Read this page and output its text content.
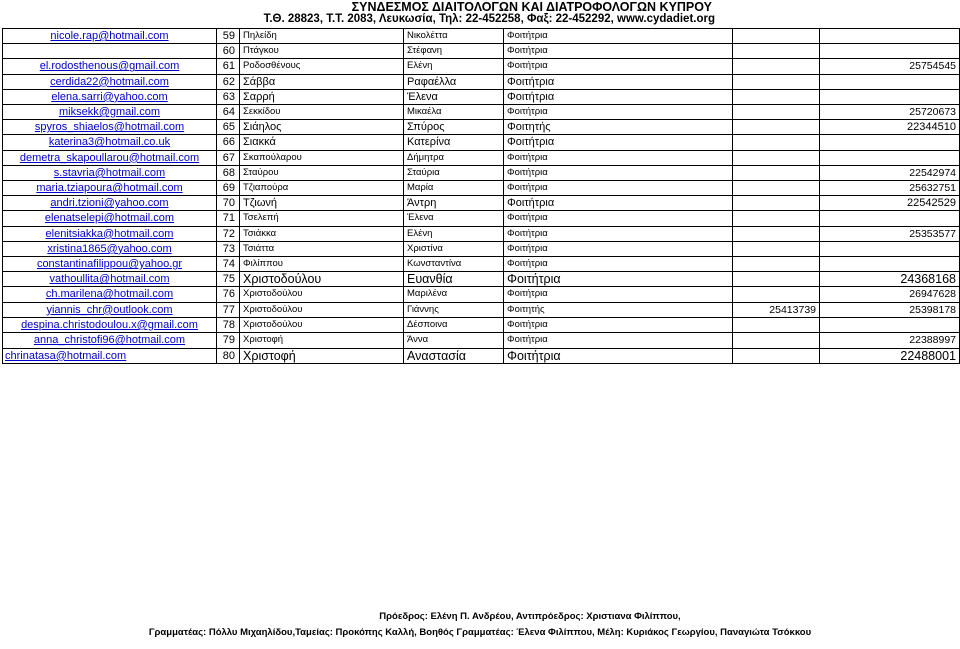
ΣΥΝΔΕΣΜΟΣ ΔΙΑΙΤΟΛΟΓΩΝ ΚΑΙ ΔΙΑΤΡΟΦΟΛΟΓΩΝ ΚΥΠΡΟΥ
Τ.Θ. 28823, Τ.Τ. 2083, Λευκωσία, Τηλ: 22-452258, Φαξ: 22-452292, www.cydadiet.org
nicole.rap@hotmail.com	59	Πηλείδη	Νικολέττα	Φοιτήτρια		
	60	Πτάγκου	Στέφανη	Φοιτήτρια		
el.rodosthenous@gmail.com	61	Ροδοσθένους	Ελένη	Φοιτήτρια		25754545
cerdida22@hotmail.com	62	Σάββα	Ραφαέλλα	Φοιτήτρια		
elena.sarri@yahoo.com	63	Σαρρή	Έλενα	Φοιτήτρια		
miksekk@gmail.com	64	Σεκκίδου	Μικαέλα	Φοιτήτρια		25720673
spyros_shiaelos@hotmail.com	65	Σιάηλος	Σπύρος	Φοιτητής		22344510
katerina3@hotmail.co.uk	66	Σιακκά	Κατερίνα	Φοιτήτρια		
demetra_skapoullarou@hotmail.com	67	Σκαπούλαρου	Δήμητρα	Φοιτήτρια		
s.stavria@hotmail.com	68	Σταύρου	Σταύρια	Φοιτήτρια		22542974
maria.tziapoura@hotmail.com	69	Τζιαπούρα	Μαρία	Φοιτήτρια		25632751
andri.tzioni@yahoo.com	70	Τζιωνή	Άντρη	Φοιτήτρια		22542529
elenatselepi@hotmail.com	71	Τσελεπή	Έλενα	Φοιτήτρια		
elenitsiakka@hotmail.com	72	Τσιάκκα	Ελένη	Φοιτήτρια		25353577
xristina1865@yahoo.com	73	Τσιάττα	Χριστίνα	Φοιτήτρια		
constantinafilippou@yahoo.gr	74	Φιλίππου	Κωνσταντίνα	Φοιτήτρια		
vathoullita@hotmail.com	75	Χριστοδούλου	Ευανθία	Φοιτήτρια		24368168
ch.marilena@hotmail.com	76	Χριστοδούλου	Μαριλένα	Φοιτήτρια		26947628
yiannis_chr@outlook.com	77	Χριστοδούλου	Γιάννης	Φοιτητής	25413739	25398178
despina.christodoulou.x@gmail.com	78	Χριστοδούλου	Δέσποινα	Φοιτήτρια		
anna_christofi96@hotmail.com	79	Χριστοφή	Άννα	Φοιτήτρια		22388997
chrinatasa@hotmail.com	80	Χριστοφή	Αναστασία	Φοιτήτρια		22488001
Πρόεδρος: Ελένη Π. Ανδρέου, Αντιπρόεδρος: Χριστιανα Φιλίππου,
Γραμματέας: Πόλλυ Μιχαηλίδου,Ταμείας: Προκόπης Καλλή, Βοηθός Γραμματέας: Έλενα Φιλίππου, Μέλη: Κυριάκος Γεωργίου, Παναγιώτα Τσόκκου
